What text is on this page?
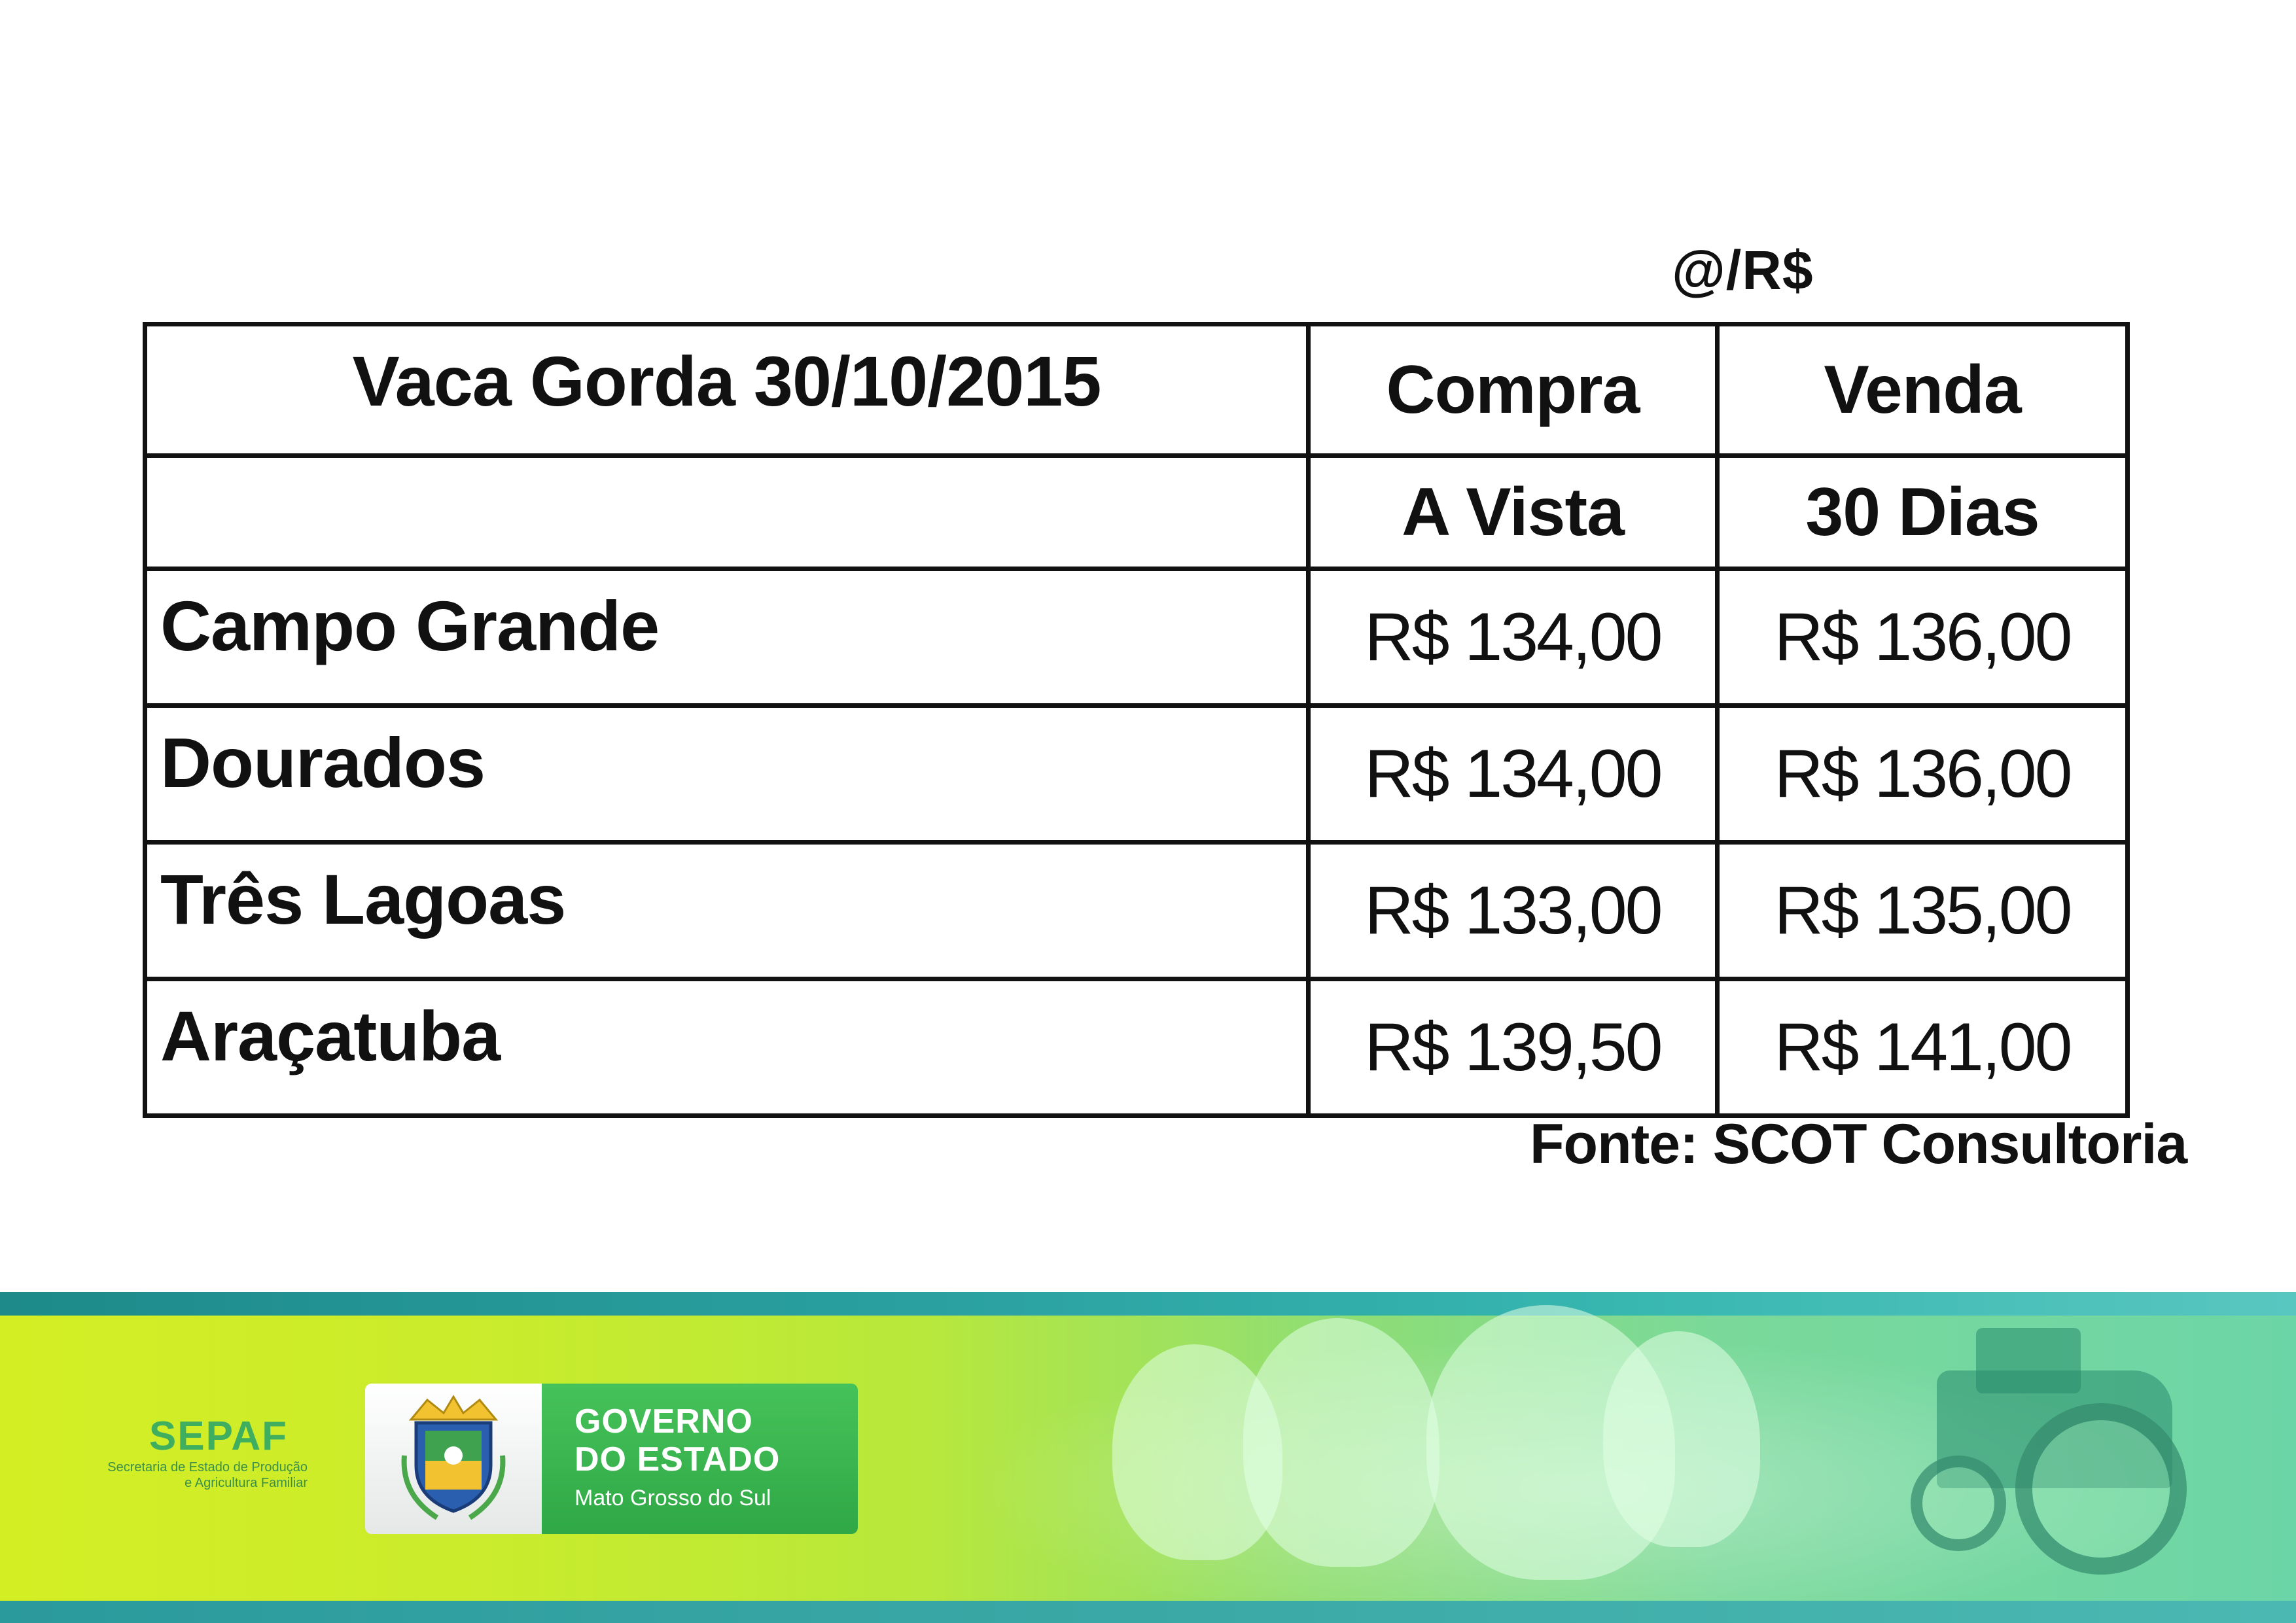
@/R$
Vaca Gorda 30/10/2015	Compra	Venda
	A Vista	30 Dias
Campo Grande	R$ 134,00	R$ 136,00
Dourados	R$ 134,00	R$ 136,00
Três Lagoas	R$ 133,00	R$ 135,00
Araçatuba	R$ 139,50	R$ 141,00
Fonte: SCOT Consultoria
SEPAF
Secretaria de Estado de Produção
e Agricultura Familiar
GOVERNO
DO ESTADO
Mato Grosso do Sul
